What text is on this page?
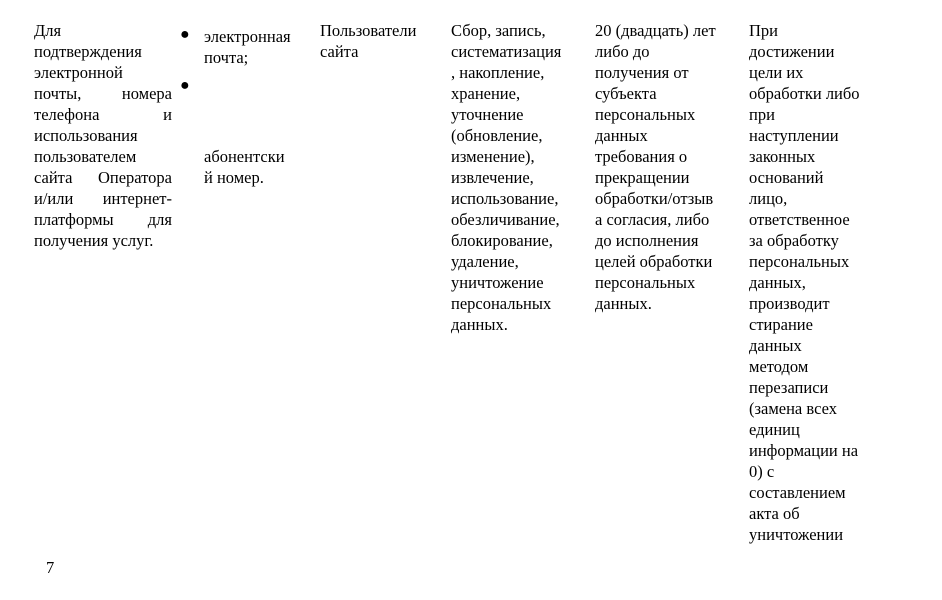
Для
подтверждения
электронной
почты, номера
телефона	и
использования
пользователем
сайта Оператора
и/или интернет-
платформы для
получения услуг.
●
●
электронная
почта;
абонентски
й номер.
Пользователи
сайта
Сбор, запись,
систематизация
, накопление,
хранение,
уточнение
(обновление,
изменение),
извлечение,
использование,
обезличивание,
блокирование,
удаление,
уничтожение
персональных
данных.
20 (двадцать) лет
либо до
получения от
субъекта
персональных
данных
требования о
прекращении
обработки/отзыв
а согласия, либо
до исполнения
целей обработки
персональных
данных.
При
достижении
цели их
обработки либо
при
наступлении
законных
оснований
лицо,
ответственное
за обработку
персональных
данных,
производит
стирание
данных
методом
перезаписи
(замена всех
единиц
информации на
0) с
составлением
акта об
уничтожении
7
